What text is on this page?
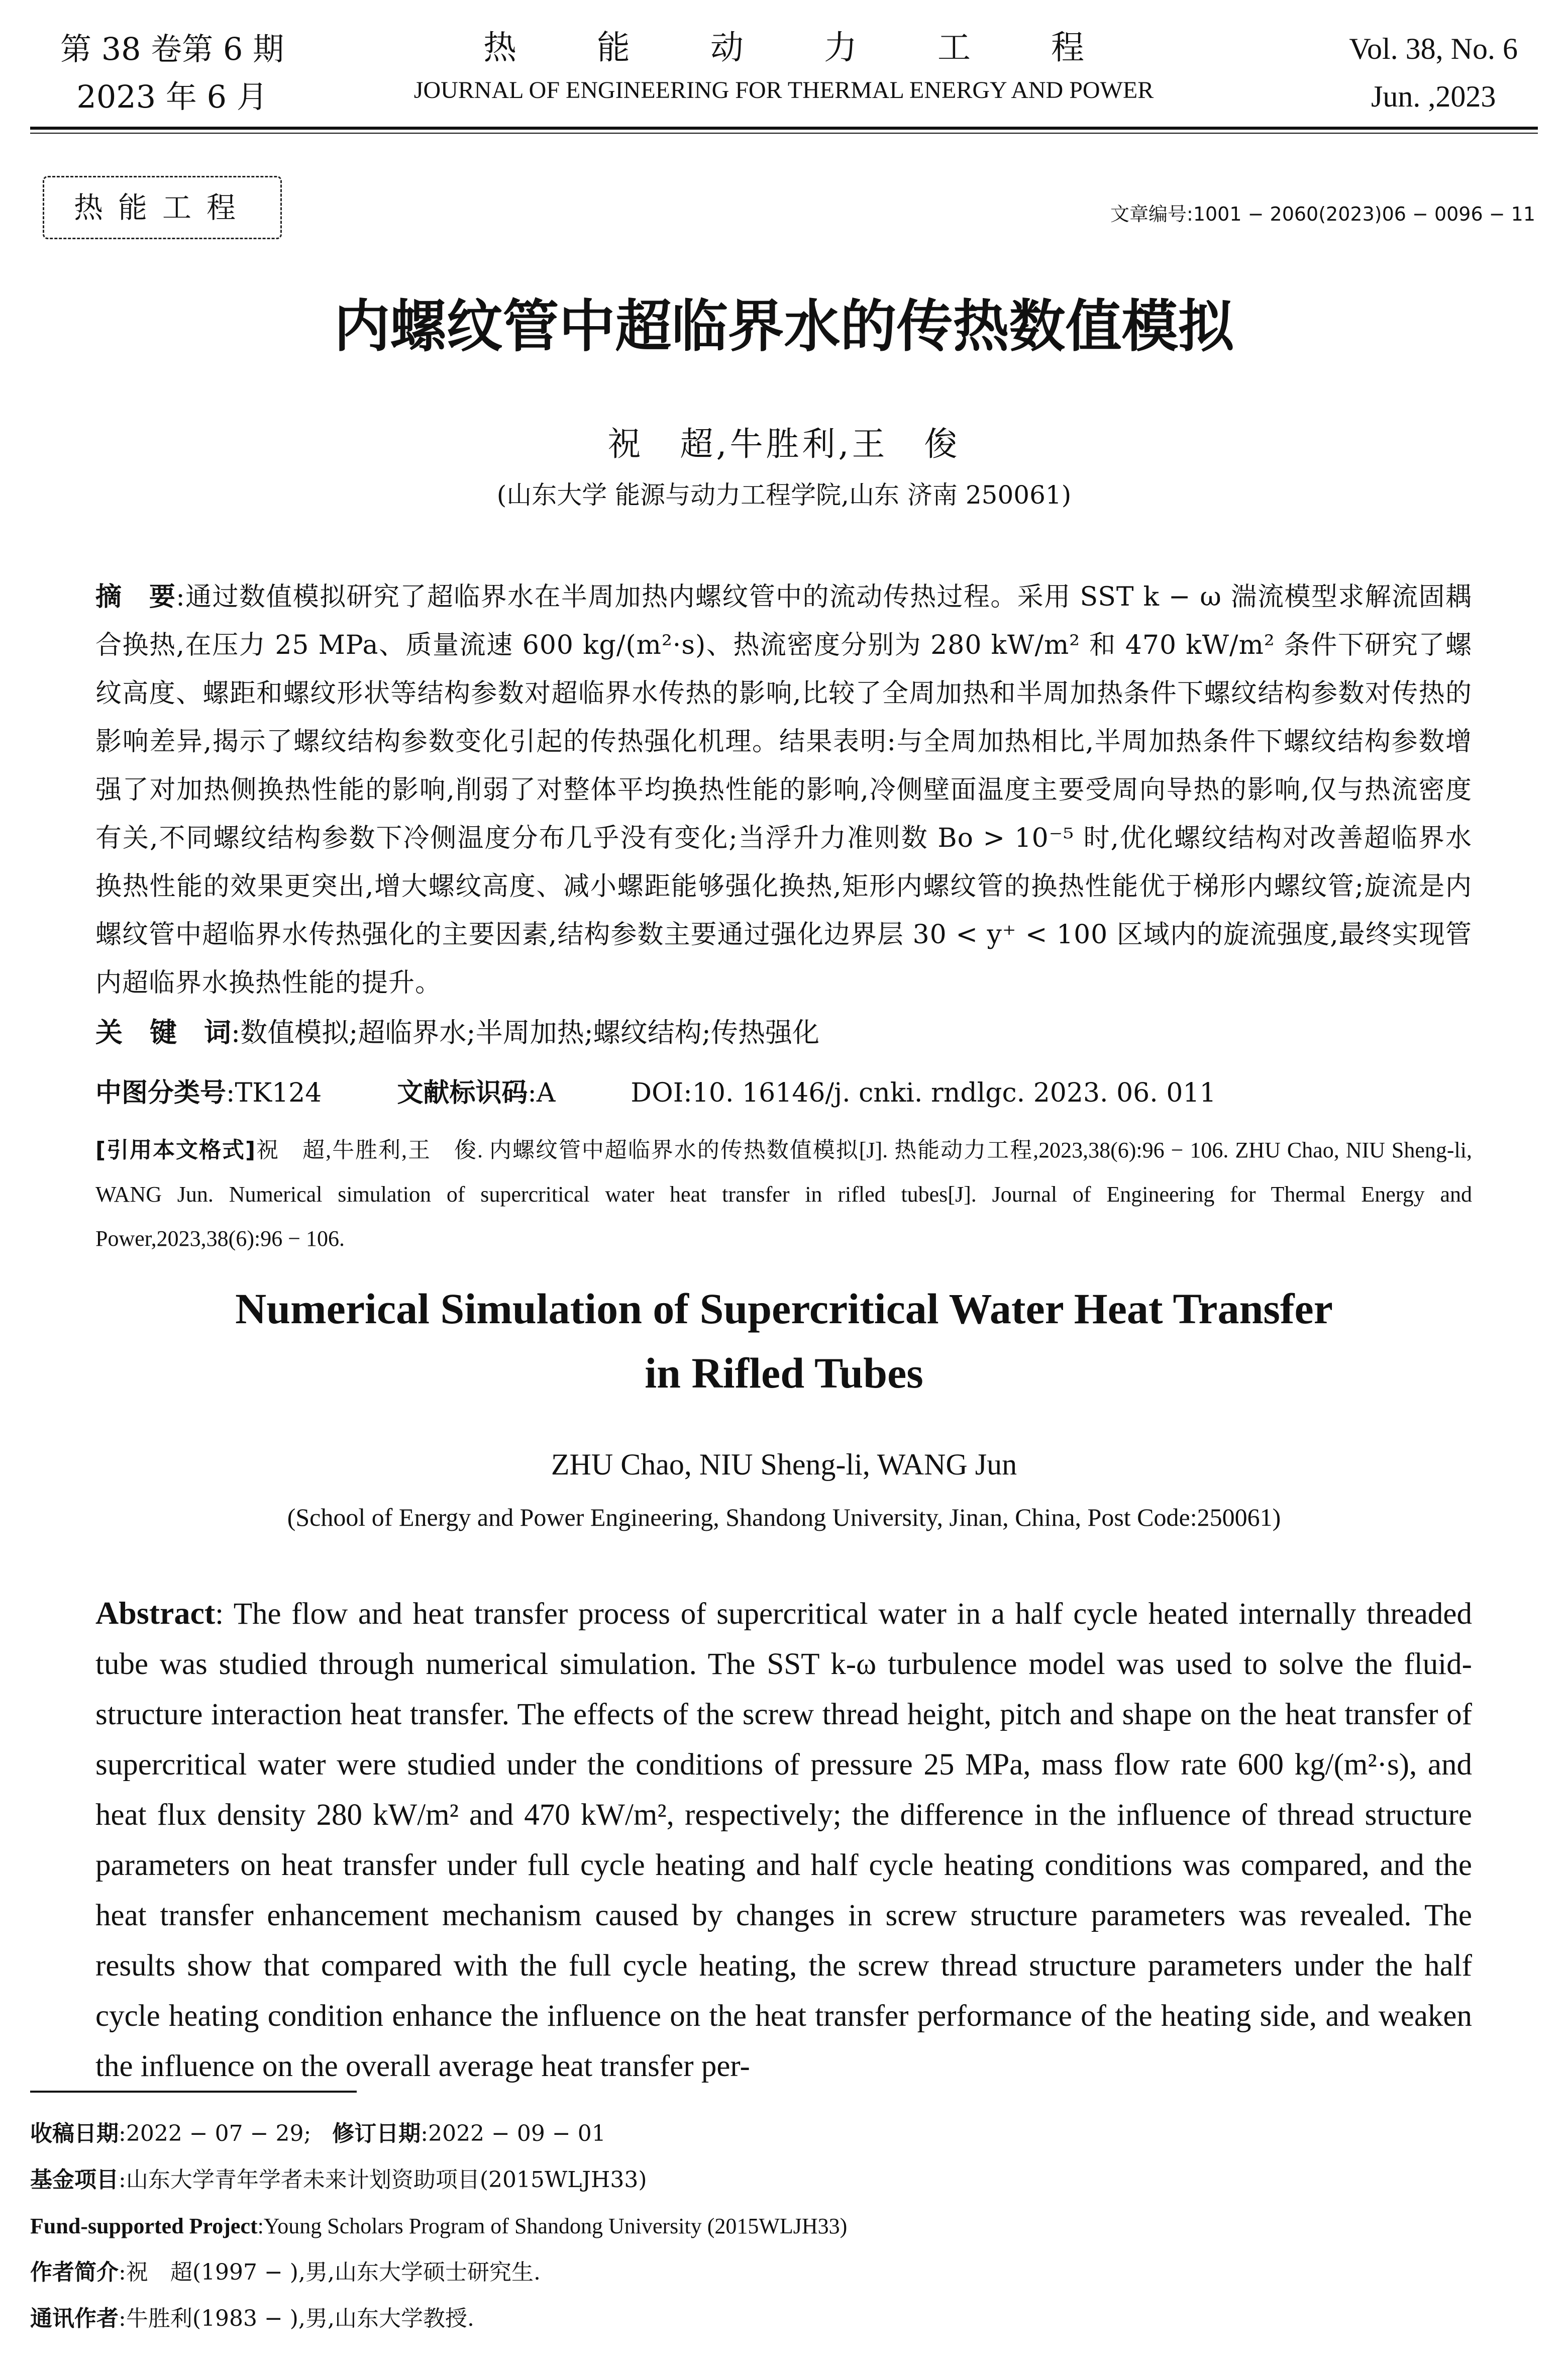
第 38 卷第 6 期
2023 年 6 月
热能动力工程
JOURNAL OF ENGINEERING FOR THERMAL ENERGY AND POWER
Vol. 38, No. 6
Jun. ,2023
热能工程	文章编号:1001 − 2060(2023)06 − 0096 − 11
内螺纹管中超临界水的传热数值模拟
祝　超,牛胜利,王　俊
(山东大学 能源与动力工程学院,山东 济南 250061)
摘　要:通过数值模拟研究了超临界水在半周加热内螺纹管中的流动传热过程。采用 SST k − ω 湍流模型求解流固耦合换热,在压力 25 MPa、质量流速 600 kg/(m²·s)、热流密度分别为 280 kW/m² 和 470 kW/m² 条件下研究了螺纹高度、螺距和螺纹形状等结构参数对超临界水传热的影响,比较了全周加热和半周加热条件下螺纹结构参数对传热的影响差异,揭示了螺纹结构参数变化引起的传热强化机理。结果表明:与全周加热相比,半周加热条件下螺纹结构参数增强了对加热侧换热性能的影响,削弱了对整体平均换热性能的影响,冷侧壁面温度主要受周向导热的影响,仅与热流密度有关,不同螺纹结构参数下冷侧温度分布几乎没有变化;当浮升力准则数 Bo > 10⁻⁵ 时,优化螺纹结构对改善超临界水换热性能的效果更突出,增大螺纹高度、减小螺距能够强化换热,矩形内螺纹管的换热性能优于梯形内螺纹管;旋流是内螺纹管中超临界水传热强化的主要因素,结构参数主要通过强化边界层 30 < y⁺ < 100 区域内的旋流强度,最终实现管内超临界水换热性能的提升。
关　键　词:数值模拟;超临界水;半周加热;螺纹结构;传热强化
中图分类号:TK124	文献标识码:A	DOI:10. 16146/j. cnki. rndlgc. 2023. 06. 011
[引用本文格式]祝　超,牛胜利,王　俊. 内螺纹管中超临界水的传热数值模拟[J]. 热能动力工程,2023,38(6):96 − 106. ZHU Chao, NIU Sheng-li, WANG Jun. Numerical simulation of supercritical water heat transfer in rifled tubes[J]. Journal of Engineering for Thermal Energy and Power,2023,38(6):96 − 106.
Numerical Simulation of Supercritical Water Heat Transfer
in Rifled Tubes
ZHU Chao, NIU Sheng-li, WANG Jun
(School of Energy and Power Engineering, Shandong University, Jinan, China, Post Code:250061)
Abstract: The flow and heat transfer process of supercritical water in a half cycle heated internally threaded tube was studied through numerical simulation. The SST k-ω turbulence model was used to solve the fluid-structure interaction heat transfer. The effects of the screw thread height, pitch and shape on the heat transfer of supercritical water were studied under the conditions of pressure 25 MPa, mass flow rate 600 kg/(m²·s), and heat flux density 280 kW/m² and 470 kW/m², respectively; the difference in the influence of thread structure parameters on heat transfer under full cycle heating and half cycle heating conditions was compared, and the heat transfer enhancement mechanism caused by changes in screw structure parameters was revealed. The results show that compared with the full cycle heating, the screw thread structure parameters under the half cycle heating condition enhance the influence on the heat transfer performance of the heating side, and weaken the influence on the overall average heat transfer per-
收稿日期:2022 − 07 − 29; 修订日期:2022 − 09 − 01
基金项目:山东大学青年学者未来计划资助项目(2015WLJH33)
Fund-supported Project:Young Scholars Program of Shandong University (2015WLJH33)
作者简介:祝　超(1997 − ),男,山东大学硕士研究生.
通讯作者:牛胜利(1983 − ),男,山东大学教授.
